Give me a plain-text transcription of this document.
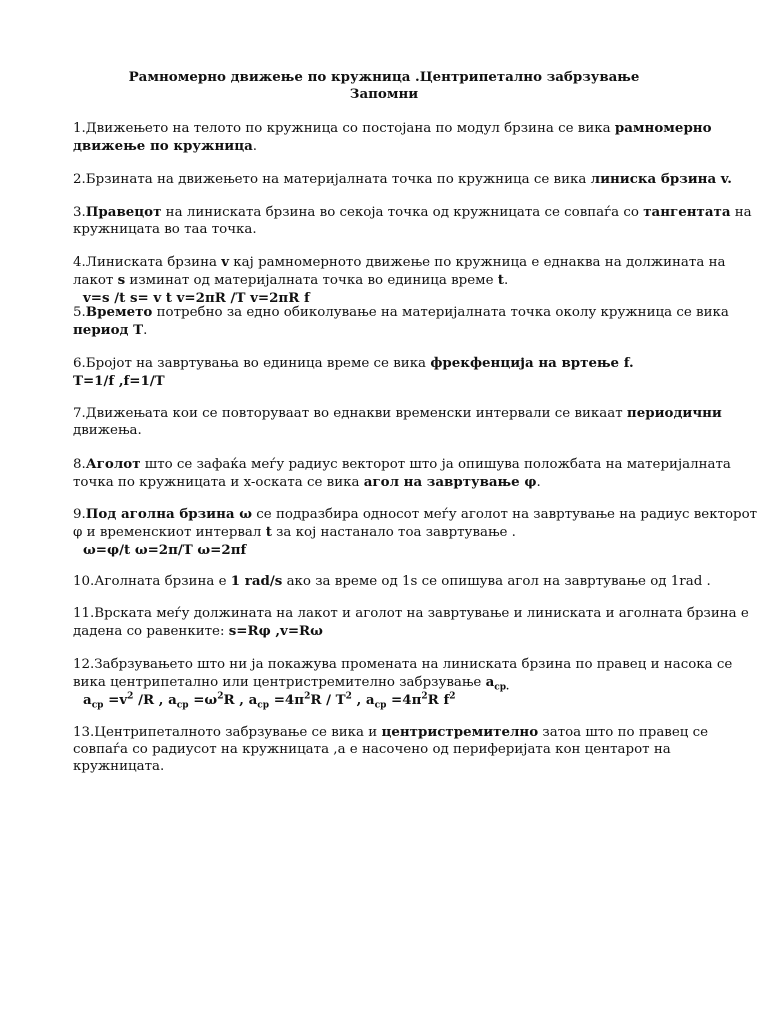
Рамномерно движење по кружница .Центрипетално забрзување
Запомни
1.Движењето на телото по кружница со постојана по модул брзина се вика рамномерно
движење по кружница.
2.Брзината на движењето на материјалната точка по кружница се вика линиска брзина v.
3.Правецот на линиската брзина во секоја точка од кружницата се совпаѓа со тангентата на
кружницата во таа точка.
4.Линиската брзина v кај рамномерното движење по кружница е еднаква на должината на
лакот s изминат од материјалната точка во единица време t.
v=s /t s= v t v=2πR /T v=2πR f
5.Времето потребно за едно обиколување на материјалната точка околу кружница се вика
период Т.
6.Бројот на завртувања во единица време се вика фрекфенција на вртење f.
T=1/f ,f=1/T
7.Движењата кои се повторуваат во еднакви временски интервали се викаат периодични
движења.
8.Аголот што се зафаќа меѓу радиус векторот што ја опишува положбата на материјалната
точка по кружницата и x-оската се вика агол на завртување φ.
9.Под аголна брзина ω се подразбира односот меѓу аголот на завртување на радиус векторот
φ и временскиот интервал t за кој настанало тоа завртување .
ω=φ/t ω=2π/T ω=2πf
10.Аголната брзина е 1 rad/s ако за време од 1s се опишува агол на завртување од 1rad .
11.Врската меѓу должината на лакот и аголот на завртување и линиската и аголната брзина е
дадена со равенките: s=Rφ ,v=Rω
12.Забрзувањето што ни ја покажува промената на линиската брзина по правец и насока се
вика центрипетално или центристремително забрзување $a_{cp.}$
$a_{cp} =v^2$ /R , $a_{cp} =\omega^2R$ , $a_{cp} =4\pi^2R / T^2$ , $a_{cp} =4\pi^2R$ $f^2$
13.Центрипеталното забрзување се вика и центристремително затоа што по правец се
совпаѓа со радиусот на кружницата ,а е насочено од периферијата кон центарот на
кружницата.
